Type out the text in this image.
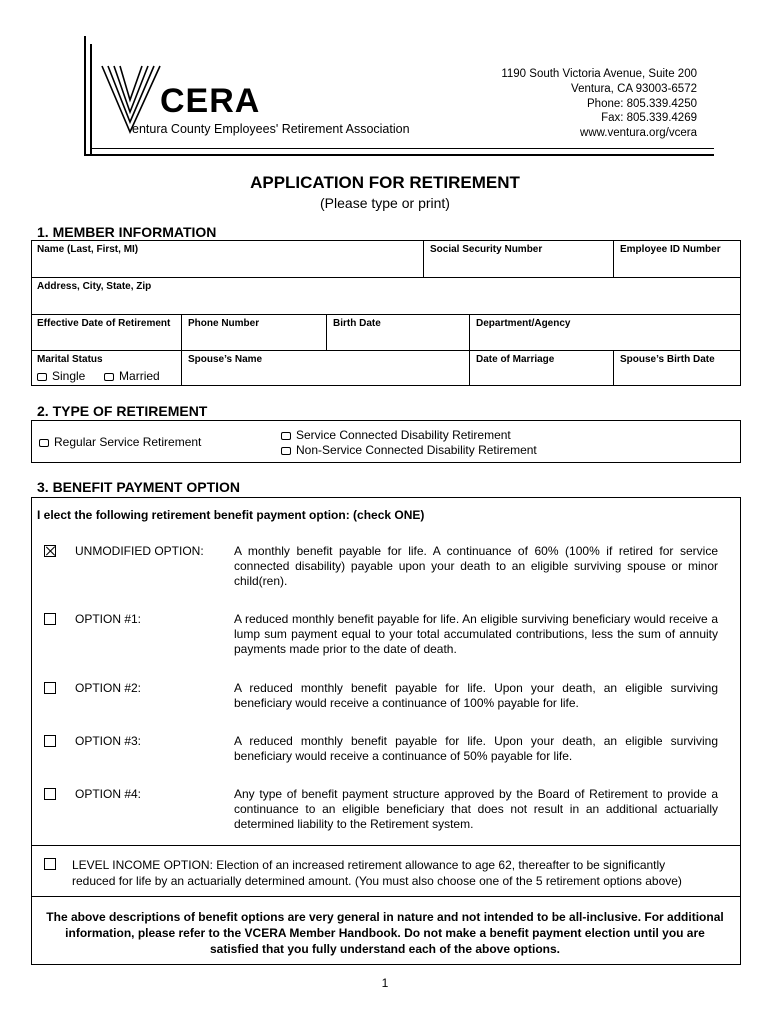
CERA
entura County Employees' Retirement Association
1190 South Victoria Avenue, Suite 200
Ventura, CA 93003-6572
Phone: 805.339.4250
Fax: 805.339.4269
www.ventura.org/vcera
APPLICATION FOR RETIREMENT
(Please type or print)
1. MEMBER INFORMATION
Name (Last, First, MI)	Social Security Number	Employee ID Number
Address, City, State, Zip
Effective Date of Retirement	Phone Number	Birth Date	Department/Agency
Marital Status
Single	Married
Spouse’s Name	Date of Marriage	Spouse’s Birth Date
2. TYPE OF RETIREMENT
Regular Service Retirement	Service Connected Disability Retirement
Non-Service Connected Disability Retirement
3. BENEFIT PAYMENT OPTION
I elect the following retirement benefit payment option: (check ONE)
UNMODIFIED OPTION:	A monthly benefit payable for life. A continuance of 60% (100% if retired for service connected disability) payable upon your death to an eligible surviving spouse or minor child(ren).
OPTION #1:	A reduced monthly benefit payable for life. An eligible surviving beneficiary would receive a lump sum payment equal to your total accumulated contributions, less the sum of annuity payments made prior to the date of death.
OPTION #2:	A reduced monthly benefit payable for life. Upon your death, an eligible surviving beneficiary would receive a continuance of 100% payable for life.
OPTION #3:	A reduced monthly benefit payable for life. Upon your death, an eligible surviving beneficiary would receive a continuance of 50% payable for life.
OPTION #4:	Any type of benefit payment structure approved by the Board of Retirement to provide a continuance to an eligible beneficiary that does not result in an additional actuarially determined liability to the Retirement system.
LEVEL INCOME OPTION: Election of an increased retirement allowance to age 62, thereafter to be significantly
reduced for life by an actuarially determined amount. (You must also choose one of the 5 retirement options above)
The above descriptions of benefit options are very general in nature and not intended to be all-inclusive. For additional information, please refer to the VCERA Member Handbook. Do not make a benefit payment election until you are satisfied that you fully understand each of the above options.
1
